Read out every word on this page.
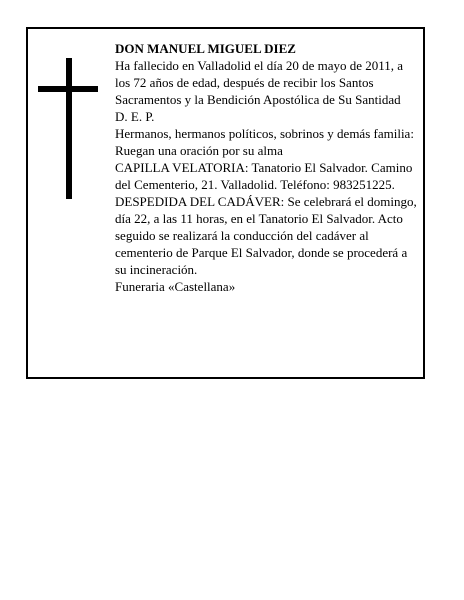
DON MANUEL MIGUEL DIEZ

Ha fallecido en Valladolid el día 20 de mayo de 2011, a los 72 años de edad, después de recibir los Santos Sacramentos y la Bendición Apostólica de Su Santidad

D. E. P.

Hermanos, hermanos políticos, sobrinos y demás familia:

Ruegan una oración por su alma

CAPILLA VELATORIA: Tanatorio El Salvador. Camino del Cementerio, 21. Valladolid. Teléfono: 983251225.

DESPEDIDA DEL CADÁVER: Se celebrará el domingo, día 22, a las 11 horas, en el Tanatorio El Salvador. Acto seguido se realizará la conducción del cadáver al cementerio de Parque El Salvador, donde se procederá a su incineración.

Funeraria «Castellana»
